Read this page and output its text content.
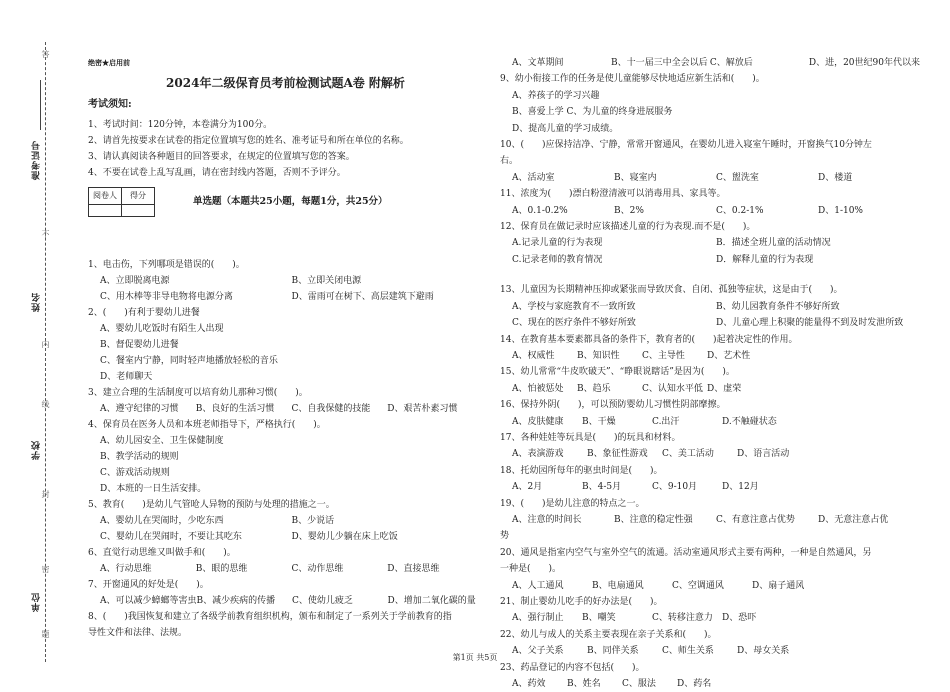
答
准考证号
不
姓名
内
线
学校
封
密
单位
题
绝密★启用前
2024年二级保育员考前检测试题A卷 附解析
考试须知:
1、考试时间：120分钟，本卷满分为100分。
2、请首先按要求在试卷的指定位置填写您的姓名、准考证号和所在单位的名称。
3、请认真阅读各种题目的回答要求，在规定的位置填写您的答案。
4、不要在试卷上乱写乱画，请在密封线内答题，否则不予评分。
阅卷人	得分

单选题（本题共25小题，每题1分，共25分）
1、电击伤，下列哪项是错误的(　　)。
A、立即脱离电源	B、立即关闭电源
C、用木棒等非导电物将电源分离	D、雷雨可在树下、高层建筑下避雨
2、(　　)有利于婴幼儿进餐
A、婴幼儿吃饭时有陌生人出现
B、督促婴幼儿进餐
C、餐室内宁静，同时轻声地播放轻松的音乐
D、老师聊天
3、建立合理的生活制度可以培育幼儿那种习惯(　　)。
A、遵守纪律的习惯	B、良好的生活习惯	C、自我保健的技能	D、艰苦朴素习惯
4、保育员在医务人员和本班老师指导下，严格执行(　　)。
A、幼儿园安全、卫生保健制度
B、教学活动的规则
C、游戏活动规则
D、本班的一日生活安排。
5、教育(　　)是幼儿气管呛人异物的预防与处理的措施之一。
A、婴幼儿在哭闹时，少吃东西	B、少说话
C、婴幼儿在哭闹时，不要让其吃东	D、婴幼儿少躺在床上吃饭
6、直觉行动思维又叫做手和(　　)。
A、行动思维	B、眼的思维	C、动作思维	D、直接思维
7、开窗通风的好处是(　　)。
A、可以减少蟑螂等害虫 B、减少疾病的传播	C、使幼儿疲乏	D、增加二氧化碳的量
8、(　　)我国恢复和建立了各级学前教育组织机构，颁布和制定了一系列关于学前教育的指
导性文件和法律、法规。
A、文革期间	B、十一届三中全会以后 C、解放后	D、进，20世纪90年代以来
9、幼小衔接工作的任务是使儿童能够尽快地适应新生活和(　　)。
A、养孩子的学习兴趣
B、喜爱上学 C、为儿童的终身进展服务
D、提高儿童的学习成绩。
10、(　　)应保持洁净、宁静，常常开窗通风，在婴幼儿进入寝室午睡时，开窗换气10分钟左
右。
A、活动室	B、寝室内	C、盥洗室	D、楼道
11、浓度为(　　)漂白粉澄清液可以消毒用具、家具等。
A、0.1-0.2%	B、2%	C、0.2-1%	D、1-10%
12、保育员在做记录时应该描述儿童的行为表现.而不是(　　)。
A.记录儿童的行为表现	B．描述全班儿童的活动情况
C.记录老师的教育情况	D．解释儿童的行为表现
13、儿童因为长期精神压抑或紧张而导致厌食、自闭、孤独等症状，这是由于(　　)。
A、学校与家庭教育不一致所致	B、幼儿园教育条件不够好所致
C、现在的医疗条件不够好所致	D、儿童心理上积聚的能量得不到及时发泄所致
14、在教育基本要素都具备的条件下，教育者的(　　)起着决定性的作用。
A、权威性	B、知识性	C、主导性	D、艺术性
15、幼儿常常“牛皮吹破天”、“睁眼说瞎话”是因为(　　)。
A、怕被惩处	B、趋乐	C、认知水平低 D、虚荣
16、保持外阴(　　)，可以预防婴幼儿习惯性阴部摩擦。
A、皮肤健康	B、干燥	C.出汗	D.不触碰状态
17、各种娃娃等玩具是(　　)的玩具和材料。
A、表演游戏	B、象征性游戏	C、美工活动	D、语言活动
18、托幼园所每年的驱虫时间是(　　)。
A、2月	B、4-5月	C、9-10月	D、12月
19、(　　)是幼儿注意的特点之一。
A、注意的时间长	B、注意的稳定性强	C、有意注意占优势	D、无意注意占优
势
20、通风是指室内空气与室外空气的流通。活动室通风形式主要有两种，一种是自然通风，另
一种是(　　)。
A、人工通风	B、电扇通风	C、空调通风	D、扇子通风
21、制止婴幼儿吃手的好办法是(　　)。
A、强行制止	B、嘲笑	C、转移注意力	D、恐吓
22、幼儿与成人的关系主要表现在亲子关系和(　　)。
A、父子关系	B、同伴关系	C、师生关系	D、母女关系
23、药品登记的内容不包括(　　)。
A、药效	B、姓名	C、服法	D、药名
第1页 共5页
